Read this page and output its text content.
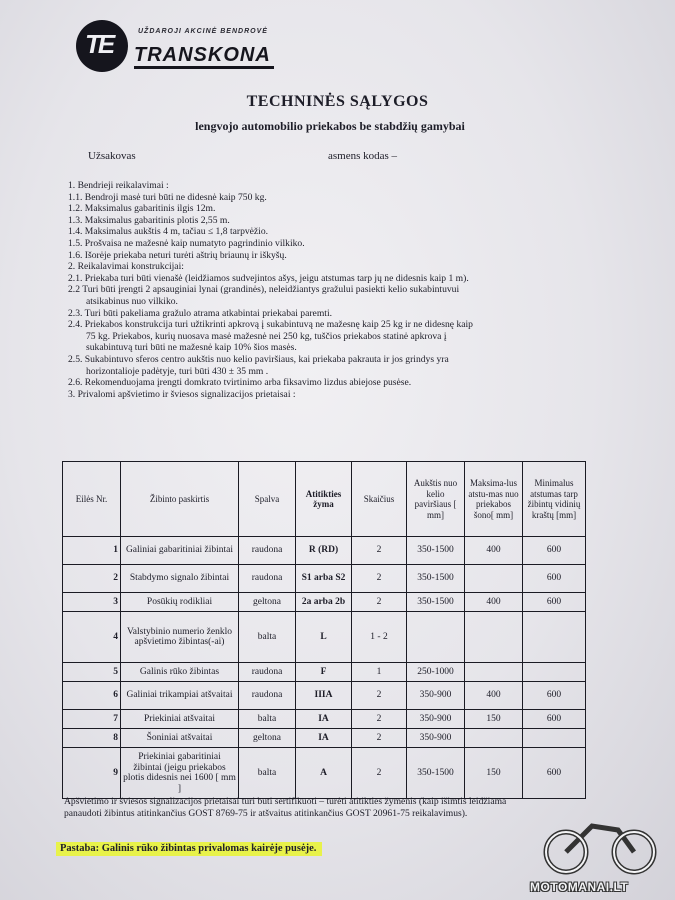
TE	UŽDAROJI AKCINĖ BENDROVĖ
TRANSKONA
TECHNINĖS SĄLYGOS
lengvojo automobilio priekabos be stabdžių gamybai
Užsakovas	asmens kodas –
1. Bendrieji reikalavimai :
1.1. Bendroji masė turi būti ne didesnė kaip 750 kg.
1.2. Maksimalus gabaritinis ilgis 12m.
1.3. Maksimalus gabaritinis plotis 2,55 m.
1.4. Maksimalus aukštis 4 m, tačiau ≤ 1,8 tarpvėžio.
1.5. Prošvaisa ne mažesnė kaip numatyto pagrindinio vilkiko.
1.6. Išorėje priekaba neturi turėti aštrių briaunų ir iškyšų.
2. Reikalavimai konstrukcijai:
2.1. Priekaba turi būti vienašė (leidžiamos sudvejintos ašys, jeigu atstumas tarp jų ne didesnis kaip 1 m).
2.2 Turi būti įrengti 2 apsauginiai lynai (grandinės), neleidžiantys gražului pasiekti kelio sukabintuvui
atsikabinus nuo vilkiko.
2.3. Turi būti pakeliama gražulo atrama atkabintai priekabai paremti.
2.4. Priekabos konstrukcija turi užtikrinti apkrovą į sukabintuvą ne mažesnę kaip 25 kg ir ne didesnę kaip
75 kg. Priekabos, kurių nuosava masė mažesnė nei 250 kg, tuščios priekabos statinė apkrova į
sukabintuvą turi būti ne mažesnė kaip 10% šios masės.
2.5. Sukabintuvo sferos centro aukštis nuo kelio paviršiaus, kai priekaba pakrauta ir jos grindys yra
horizontalioje padėtyje, turi būti 430 ± 35 mm .
2.6. Rekomenduojama įrengti domkrato tvirtinimo arba fiksavimo lizdus abiejose pusėse.
3. Privalomi apšvietimo ir šviesos signalizacijos prietaisai :
Eilės Nr.	Žibinto paskirtis	Spalva	Atitikties žyma	Skaičius	Aukštis nuo kelio paviršiaus [ mm]	Maksima-lus atstu-mas nuo priekabos šono[ mm]	Minimalus atstumas tarp žibintų vidinių kraštų [mm]
1	Galiniai gabaritiniai žibintai	raudona	R (RD)	2	350-1500	400	600
2	Stabdymo signalo žibintai	raudona	S1 arba S2	2	350-1500		600
3	Posūkių rodikliai	geltona	2a arba 2b	2	350-1500	400	600
4	Valstybinio numerio ženklo apšvietimo žibintas(-ai)	balta	L	1 - 2			
5	Galinis rūko žibintas	raudona	F	1	250-1000		
6	Galiniai trikampiai atšvaitai	raudona	IIIA	2	350-900	400	600
7	Priekiniai atšvaitai	balta	IA	2	350-900	150	600
8	Šoniniai atšvaitai	geltona	IA	2	350-900		
9	Priekiniai gabaritiniai žibintai (jeigu priekabos plotis didesnis nei 1600 [ mm ]	balta	A	2	350-1500	150	600
Apšvietimo ir šviesos signalizacijos prietaisai turi būti sertifikuoti – turėti atitikties žymenis (kaip išimtis leidžiama
panaudoti žibintus atitinkančius GOST 8769-75 ir atšvaitus atitinkančius GOST 20961-75 reikalavimus).
Pastaba: Galinis rūko žibintas privalomas kairėje pusėje.
MOTOMANAI.LT
